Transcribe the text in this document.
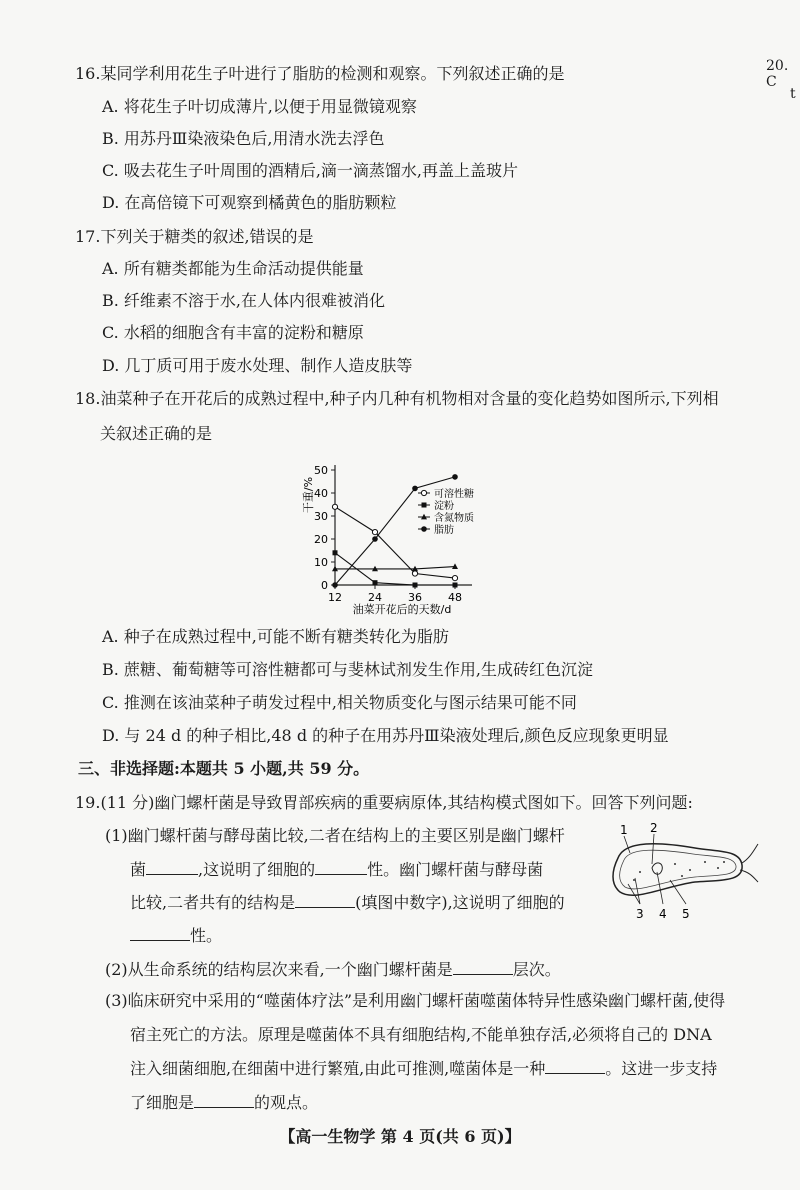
20. C
t
16.某同学利用花生子叶进行了脂肪的检测和观察。下列叙述正确的是
A. 将花生子叶切成薄片,以便于用显微镜观察
B. 用苏丹Ⅲ染液染色后,用清水洗去浮色
C. 吸去花生子叶周围的酒精后,滴一滴蒸馏水,再盖上盖玻片
D. 在高倍镜下可观察到橘黄色的脂肪颗粒
17.下列关于糖类的叙述,错误的是
A. 所有糖类都能为生命活动提供能量
B. 纤维素不溶于水,在人体内很难被消化
C. 水稻的细胞含有丰富的淀粉和糖原
D. 几丁质可用于废水处理、制作人造皮肤等
18.油菜种子在开花后的成熟过程中,种子内几种有机物相对含量的变化趋势如图所示,下列相
关叙述正确的是
干重/%
油菜开花后的天数/d
0
10
20
30
40
50
12 24 36 48
可溶性糖
淀粉
含氮物质
脂肪
A. 种子在成熟过程中,可能不断有糖类转化为脂肪
B. 蔗糖、葡萄糖等可溶性糖都可与斐林试剂发生作用,生成砖红色沉淀
C. 推测在该油菜种子萌发过程中,相关物质变化与图示结果可能不同
D. 与 24 d 的种子相比,48 d 的种子在用苏丹Ⅲ染液处理后,颜色反应现象更明显
三、非选择题:本题共 5 小题,共 59 分。
19.(11 分)幽门螺杆菌是导致胃部疾病的重要病原体,其结构模式图如下。回答下列问题:
(1)幽门螺杆菌与酵母菌比较,二者在结构上的主要区别是幽门螺杆
菌	,这说明了细胞的	性。幽门螺杆菌与酵母菌
比较,二者共有的结构是	(填图中数字),这说明了细胞的
性。
1 2
3 4 5
(2)从生命系统的结构层次来看,一个幽门螺杆菌是	层次。
(3)临床研究中采用的“噬菌体疗法”是利用幽门螺杆菌噬菌体特异性感染幽门螺杆菌,使得
宿主死亡的方法。原理是噬菌体不具有细胞结构,不能单独存活,必须将自己的 DNA
注入细菌细胞,在细菌中进行繁殖,由此可推测,噬菌体是一种	。这进一步支持
了细胞是	的观点。
【高一生物学 第 4 页(共 6 页)】
